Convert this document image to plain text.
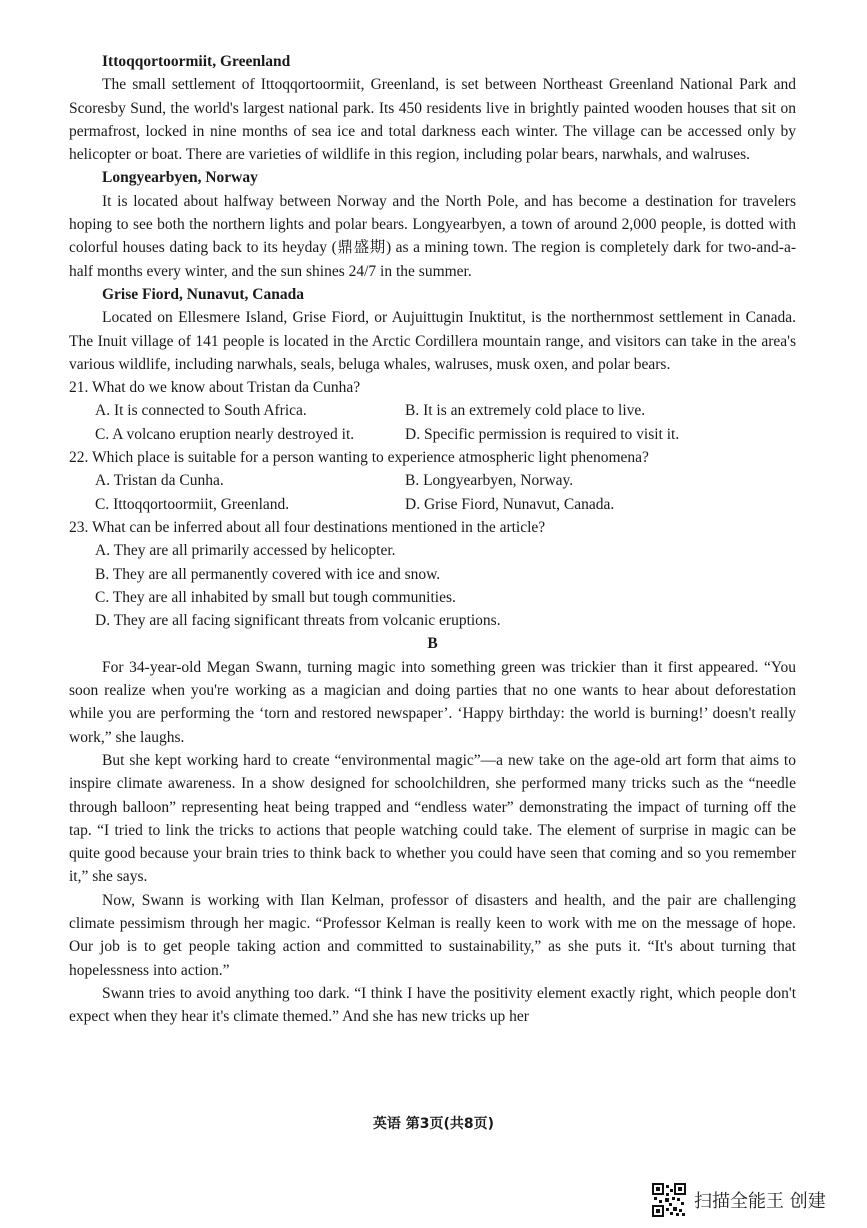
Ittoqqortoormiit, Greenland

The small settlement of Ittoqqortoormiit, Greenland, is set between Northeast Greenland National Park and Scoresby Sund, the world's largest national park. Its 450 residents live in brightly painted wooden houses that sit on permafrost, locked in nine months of sea ice and total darkness each winter. The village can be accessed only by helicopter or boat. There are varieties of wildlife in this region, including polar bears, narwhals, and walruses.

Longyearbyen, Norway

It is located about halfway between Norway and the North Pole, and has become a destination for travelers hoping to see both the northern lights and polar bears. Longyearbyen, a town of around 2,000 people, is dotted with colorful houses dating back to its heyday (鼎盛期) as a mining town. The region is completely dark for two-and-a-half months every winter, and the sun shines 24/7 in the summer.

Grise Fiord, Nunavut, Canada

Located on Ellesmere Island, Grise Fiord, or Aujuittugin Inuktitut, is the northernmost settlement in Canada. The Inuit village of 141 people is located in the Arctic Cordillera mountain range, and visitors can take in the area's various wildlife, including narwhals, seals, beluga whales, walruses, musk oxen, and polar bears.

21. What do we know about Tristan da Cunha?

A. It is connected to South Africa.	B. It is an extremely cold place to live.
C. A volcano eruption nearly destroyed it.	D. Specific permission is required to visit it.

22. Which place is suitable for a person wanting to experience atmospheric light phenomena?

A. Tristan da Cunha.	B. Longyearbyen, Norway.
C. Ittoqqortoormiit, Greenland.	D. Grise Fiord, Nunavut, Canada.

23. What can be inferred about all four destinations mentioned in the article?

A. They are all primarily accessed by helicopter.

B. They are all permanently covered with ice and snow.

C. They are all inhabited by small but tough communities.

D. They are all facing significant threats from volcanic eruptions.

B

For 34-year-old Megan Swann, turning magic into something green was trickier than it first appeared. “You soon realize when you're working as a magician and doing parties that no one wants to hear about deforestation while you are performing the ‘torn and restored newspaper’. ‘Happy birthday: the world is burning!’ doesn't really work,” she laughs.

But she kept working hard to create “environmental magic”—a new take on the age-old art form that aims to inspire climate awareness. In a show designed for schoolchildren, she performed many tricks such as the “needle through balloon” representing heat being trapped and “endless water” demonstrating the impact of turning off the tap. “I tried to link the tricks to actions that people watching could take. The element of surprise in magic can be quite good because your brain tries to think back to whether you could have seen that coming and so you remember it,” she says.

Now, Swann is working with Ilan Kelman, professor of disasters and health, and the pair are challenging climate pessimism through her magic. “Professor Kelman is really keen to work with me on the message of hope. Our job is to get people taking action and committed to sustainability,” as she puts it. “It's about turning that hopelessness into action.”

Swann tries to avoid anything too dark. “I think I have the positivity element exactly right, which people don't expect when they hear it's climate themed.” And she has new tricks up her

英语 第3页(共8页)
扫描全能王 创建
